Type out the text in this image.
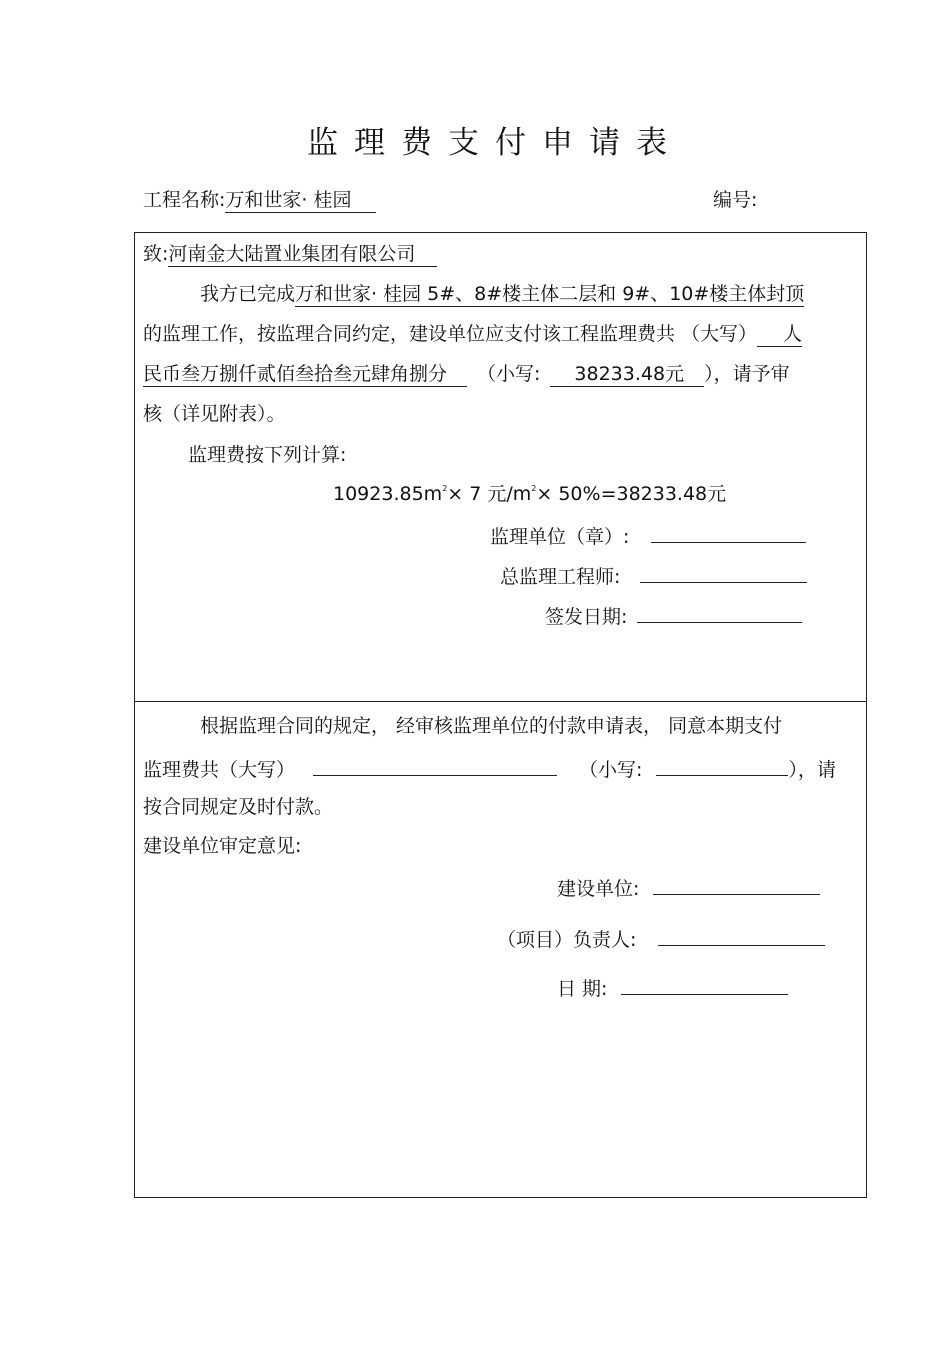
监理费支付申请表
工程名称:万和世家· 桂园	编号:
致:河南金大陆置业集团有限公司
我方已完成万和世家· 桂园 5#、8#楼主体二层和 9#、10#楼主体封顶
的监理工作，按监理合同约定，建设单位应支付该工程监理费共 （大写） 人
民币叁万捌仟贰佰叁拾叁元肆角捌分 （小写: 38233.48元 ），请予审
核（详见附表）。
监理费按下列计算:
$10923.85m^2\times 7$ 元$/m^2\times 50\%=38233.48$元
监理单位（章）:
总监理工程师:
签发日期:
根据监理合同的规定， 经审核监理单位的付款申请表， 同意本期支付
监理费共（大写）	（小写:	），请
按合同规定及时付款。
建设单位审定意见:
建设单位:
（项目）负责人:
日 期:
